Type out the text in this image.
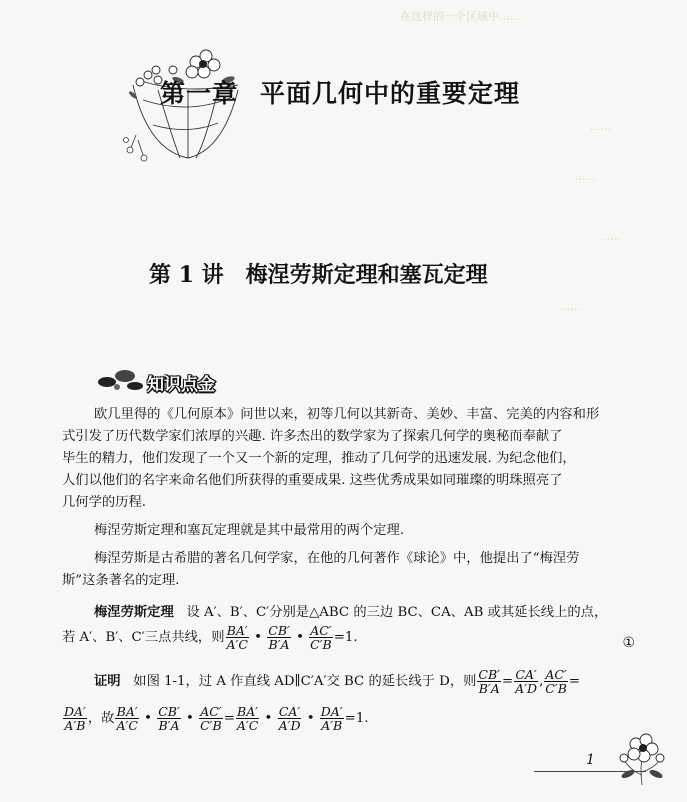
在这样的一个区域中......
......
......
......
......
第一章 平面几何中的重要定理
第 1 讲 梅涅劳斯定理和塞瓦定理
知识点金
欧几里得的《几何原本》问世以来，初等几何以其新奇、美妙、丰富、完美的内容和形
式引发了历代数学家们浓厚的兴趣. 许多杰出的数学家为了探索几何学的奥秘而奉献了
毕生的精力，他们发现了一个又一个新的定理，推动了几何学的迅速发展. 为纪念他们，
人们以他们的名字来命名他们所获得的重要成果. 这些优秀成果如同璀璨的明珠照亮了
几何学的历程.
梅涅劳斯定理和塞瓦定理就是其中最常用的两个定理.
梅涅劳斯是古希腊的著名几何学家，在他的几何著作《球论》中，他提出了“梅涅劳
斯”这条著名的定理.
梅涅劳斯定理 设 A′、B′、C′分别是△ABC 的三边 BC、CA、AB 或其延长线上的点，
若 A′、B′、C′三点共线，则 $\frac{BA'}{A'C}$ • $\frac{CB'}{B'A}$ • $\frac{AC'}{C'B} =1$.	①
证明 如图 1-1，过 A 作直线 AD∥C′A′交 BC 的延长线于 D，则 $\frac{CB'}{B'A} = \frac{CA'}{A'D}$ , $\frac{AC'}{C'B}$ =
$\frac{DA'}{A'B}$ ，故 $\frac{BA'}{A'C}$ • $\frac{CB'}{B'A}$ • $\frac{AC'}{C'B} = \frac{BA'}{A'C}$ • $\frac{CA'}{A'D}$ • $\frac{DA'}{A'B} =1$.
1
